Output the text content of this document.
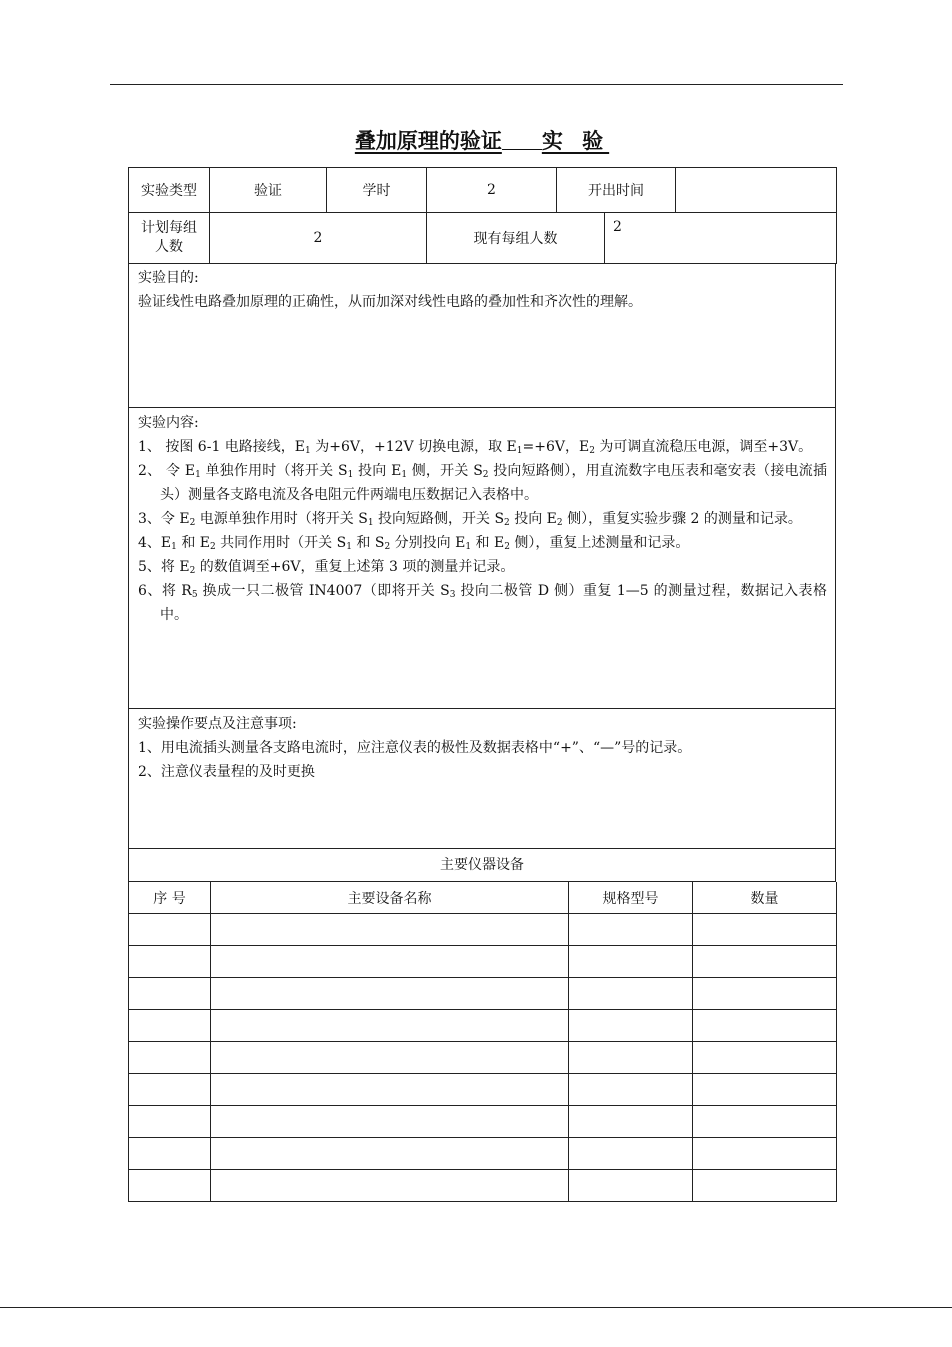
叠加原理的验证 实 验
实验类型	验证	学时	2	开出时间		

计划每组
人数	2		现有每组人数		2	
实验目的:
验证线性电路叠加原理的正确性，从而加深对线性电路的叠加性和齐次性的理解。
实验内容:
1、 按图 6-1 电路接线，$E_1$ 为+6V，+12V 切换电源，取 $E_1=+6V$，$E_2$ 为可调直流稳压电源，调至+3V。
2、 令 $E_1$ 单独作用时（将开关 $S_1$ 投向 $E_1$ 侧，开关 $S_2$ 投向短路侧），用直流数字电压表和毫安表（接电流插头）测量各支路电流及各电阻元件两端电压数据记入表格中。
3、令 $E_2$ 电源单独作用时（将开关 $S_1$ 投向短路侧，开关 $S_2$ 投向 $E_2$ 侧），重复实验步骤 2 的测量和记录。
4、$E_1$ 和 $E_2$ 共同作用时（开关 $S_1$ 和 $S_2$ 分别投向 $E_1$ 和 $E_2$ 侧），重复上述测量和记录。
5、将 $E_2$ 的数值调至+6V，重复上述第 3 项的测量并记录。
6、将 $R_5$ 换成一只二极管 IN4007（即将开关 $S_3$ 投向二极管 D 侧）重复 1—5 的测量过程，数据记入表格中。
实验操作要点及注意事项:
1、用电流插头测量各支路电流时，应注意仪表的极性及数据表格中“+”、“—”号的记录。
2、注意仪表量程的及时更换
主要仪器设备
序 号	主要设备名称	规格型号	数量
